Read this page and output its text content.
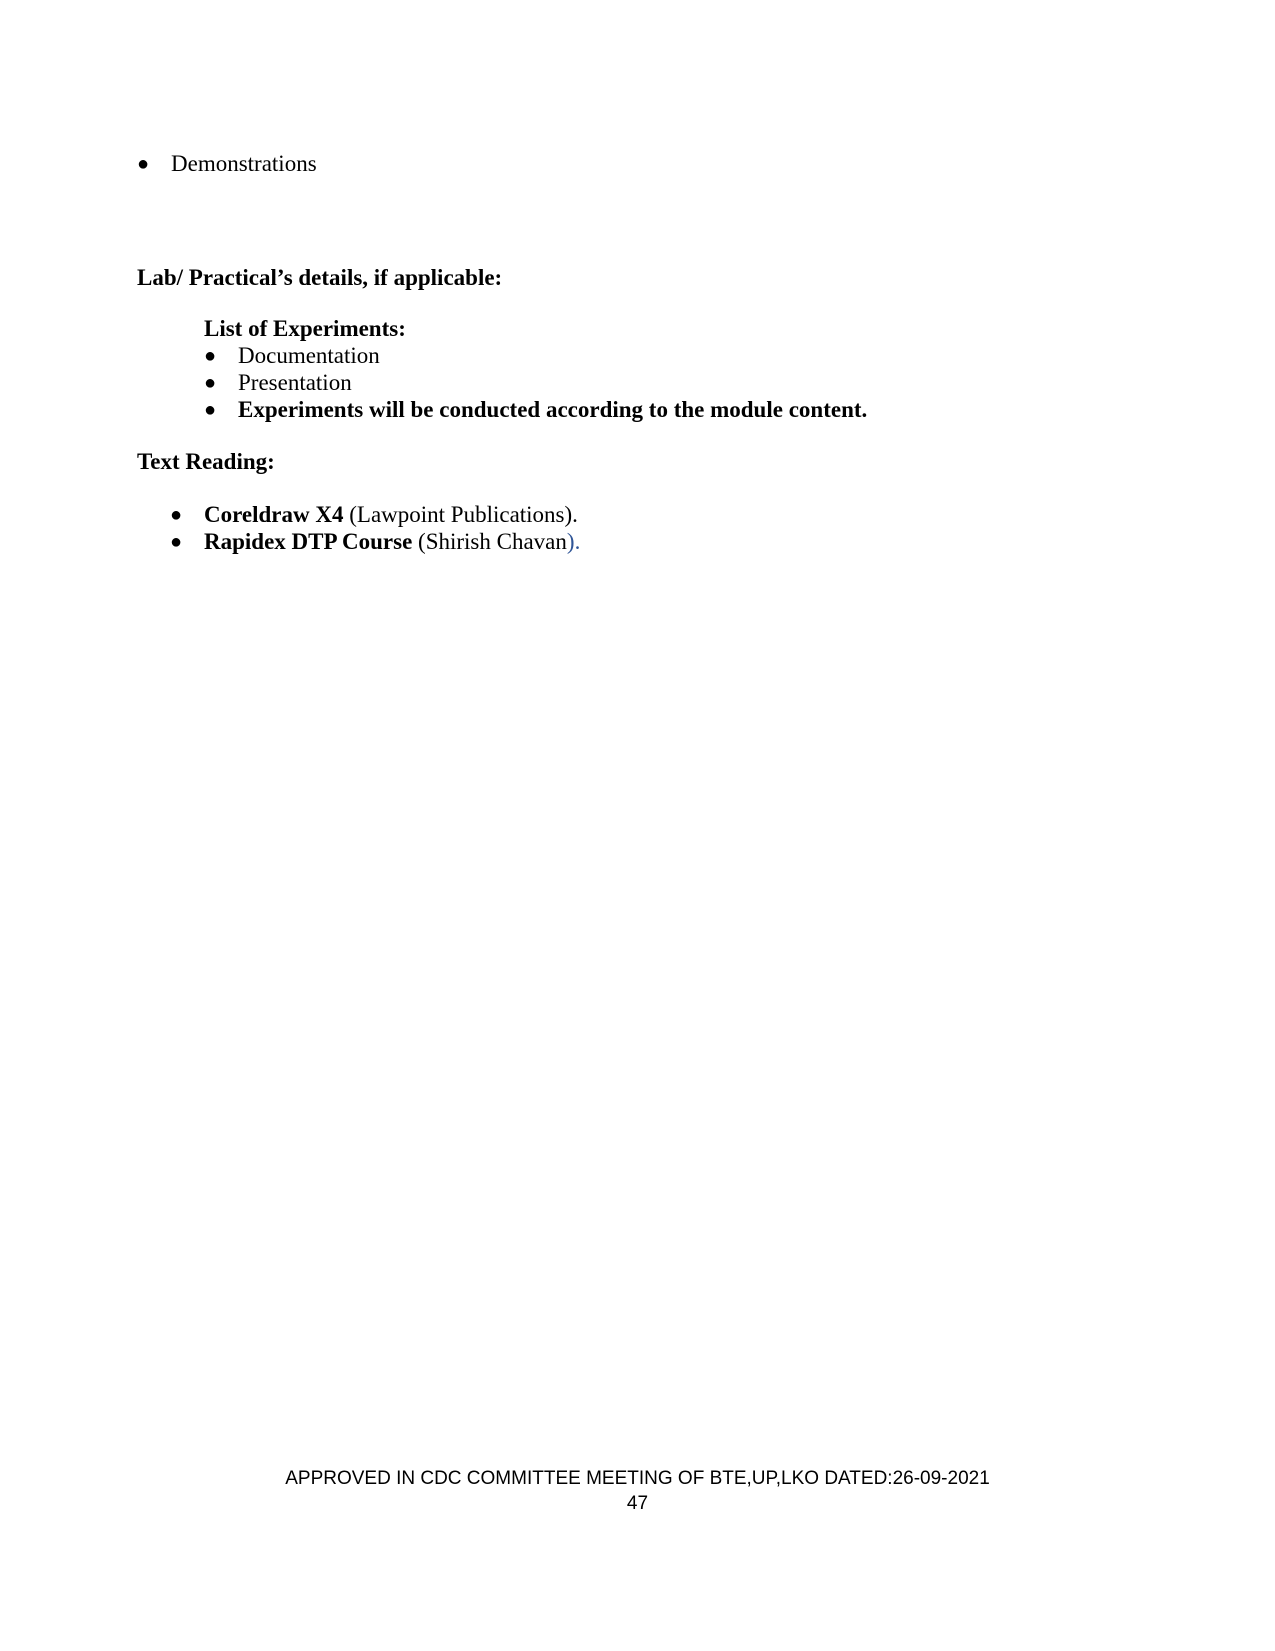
● Demonstrations
Lab/ Practical’s details, if applicable:
List of Experiments:
● Documentation
● Presentation
● Experiments will be conducted according to the module content.
Text Reading:
● Coreldraw X4 (Lawpoint Publications).
● Rapidex DTP Course (Shirish Chavan).
APPROVED IN CDC COMMITTEE MEETING OF BTE,UP,LKO DATED:26-09-2021
47
